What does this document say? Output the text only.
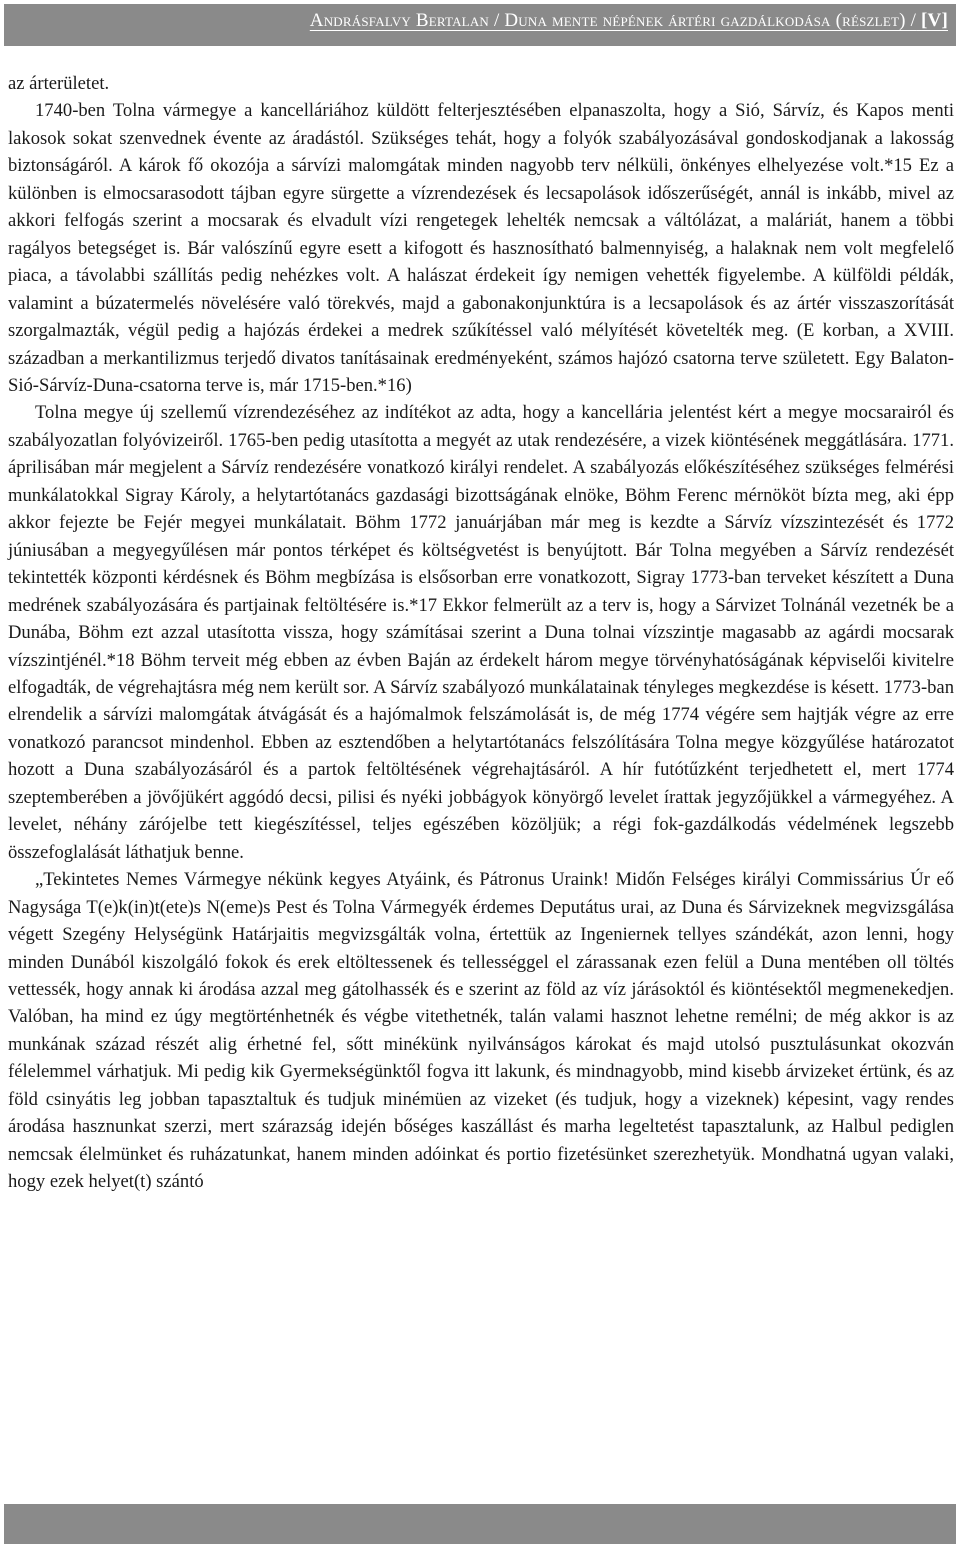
Andrásfalvy Bertalan / Duna mente népének ártéri gazdálkodása (részlet) / [V]

az árterületet.

1740-ben Tolna vármegye a kancelláriához küldött felterjesztésében elpanaszolta, hogy a Sió, Sárvíz, és Kapos menti lakosok sokat szenvednek évente az áradástól. Szükséges tehát, hogy a folyók szabályozásával gondoskodjanak a lakosság biztonságáról. A károk fő okozója a sárvízi malomgátak minden nagyobb terv nélküli, önkényes elhelyezése volt.*15 Ez a különben is elmocsarasodott tájban egyre sürgette a vízrendezések és lecsapolások időszerűségét, annál is inkább, mivel az akkori felfogás szerint a mocsarak és elvadult vízi rengetegek lehelték nemcsak a váltólázat, a maláriát, hanem a többi ragályos betegséget is. Bár valószínű egyre esett a kifogott és hasznosítható balmennyiség, a halaknak nem volt megfelelő piaca, a távolabbi szállítás pedig nehézkes volt. A halászat érdekeit így nemigen vehették figyelembe. A külföldi példák, valamint a búzatermelés növelésére való törekvés, majd a gabonakonjunktúra is a lecsapolások és az ártér visszaszorítását szorgalmazták, végül pedig a hajózás érdekei a medrek szűkítéssel való mélyítését követelték meg. (E korban, a XVIII. században a merkantilizmus terjedő divatos tanításainak eredményeként, számos hajózó csatorna terve született. Egy Balaton-Sió-Sárvíz-Duna-csatorna terve is, már 1715-ben.*16)

Tolna megye új szellemű vízrendezéséhez az indítékot az adta, hogy a kancellária jelentést kért a megye mocsarairól és szabályozatlan folyóvizeiről. 1765-ben pedig utasította a megyét az utak rendezésére, a vizek kiöntésének meggátlására. 1771. áprilisában már megjelent a Sárvíz rendezésére vonatkozó királyi rendelet. A szabályozás előkészítéséhez szükséges felmérési munkálatokkal Sigray Károly, a helytartótanács gazdasági bizottságának elnöke, Böhm Ferenc mérnököt bízta meg, aki épp akkor fejezte be Fejér megyei munkálatait. Böhm 1772 januárjában már meg is kezdte a Sárvíz vízszintezését és 1772 júniusában a megyegyűlésen már pontos térképet és költségvetést is benyújtott. Bár Tolna megyében a Sárvíz rendezését tekintették központi kérdésnek és Böhm megbízása is elsősorban erre vonatkozott, Sigray 1773-ban terveket készített a Duna medrének szabályozására és partjainak feltöltésére is.*17 Ekkor felmerült az a terv is, hogy a Sárvizet Tolnánál vezetnék be a Dunába, Böhm ezt azzal utasította vissza, hogy számításai szerint a Duna tolnai vízszintje magasabb az agárdi mocsarak vízszintjénél.*18 Böhm terveit még ebben az évben Baján az érdekelt három megye törvényhatóságának képviselői kivitelre elfogadták, de végrehajtásra még nem került sor. A Sárvíz szabályozó munkálatainak tényleges megkezdése is késett. 1773-ban elrendelik a sárvízi malomgátak átvágását és a hajómalmok felszámolását is, de még 1774 végére sem hajtják végre az erre vonatkozó parancsot mindenhol. Ebben az esztendőben a helytartótanács felszólítására Tolna megye közgyűlése határozatot hozott a Duna szabályozásáról és a partok feltöltésének végrehajtásáról. A hír futótűzként terjedhetett el, mert 1774 szeptemberében a jövőjükért aggódó decsi, pilisi és nyéki jobbágyok könyörgő levelet írattak jegyzőjükkel a vármegyéhez. A levelet, néhány zárójelbe tett kiegészítéssel, teljes egészében közöljük; a régi fok-gazdálkodás védelmének legszebb összefoglalását láthatjuk benne.

„Tekintetes Nemes Vármegye nékünk kegyes Atyáink, és Pátronus Uraink! Midőn Felséges királyi Commissárius Úr eő Nagysága T(e)k(in)t(ete)s N(eme)s Pest és Tolna Vármegyék érdemes Deputátus urai, az Duna és Sárvizeknek megvizsgálása végett Szegény Helységünk Határjaitis megvizsgálták volna, értettük az Ingeniernek tellyes szándékát, azon lenni, hogy minden Dunából kiszolgáló fokok és erek eltöltessenek és tellességgel el zárassanak ezen felül a Duna mentében oll töltés vettessék, hogy annak ki árodása azzal meg gátolhassék és e szerint az föld az víz járásoktól és kiöntésektől megmenekedjen. Valóban, ha mind ez úgy megtörténhetnék és végbe vitethetnék, talán valami hasznot lehetne remélni; de még akkor is az munkának század részét alig érhetné fel, sőtt minékünk nyilvánságos károkat és majd utolsó pusztulásunkat okozván félelemmel várhatjuk. Mi pedig kik Gyermekségünktől fogva itt lakunk, és mindnagyobb, mind kisebb árvizeket értünk, és az föld csinyátis leg jobban tapasztaltuk és tudjuk minémüen az vizeket (és tudjuk, hogy a vizeknek) képesint, vagy rendes árodása hasznunkat szerzi, mert szárazság idején bőséges kaszállást és marha legeltetést tapasztalunk, az Halbul pediglen nemcsak élelmünket és ruházatunkat, hanem minden adóinkat és portio fizetésünket szerezhetyük. Mondhatná ugyan valaki, hogy ezek helyet(t) szántó
